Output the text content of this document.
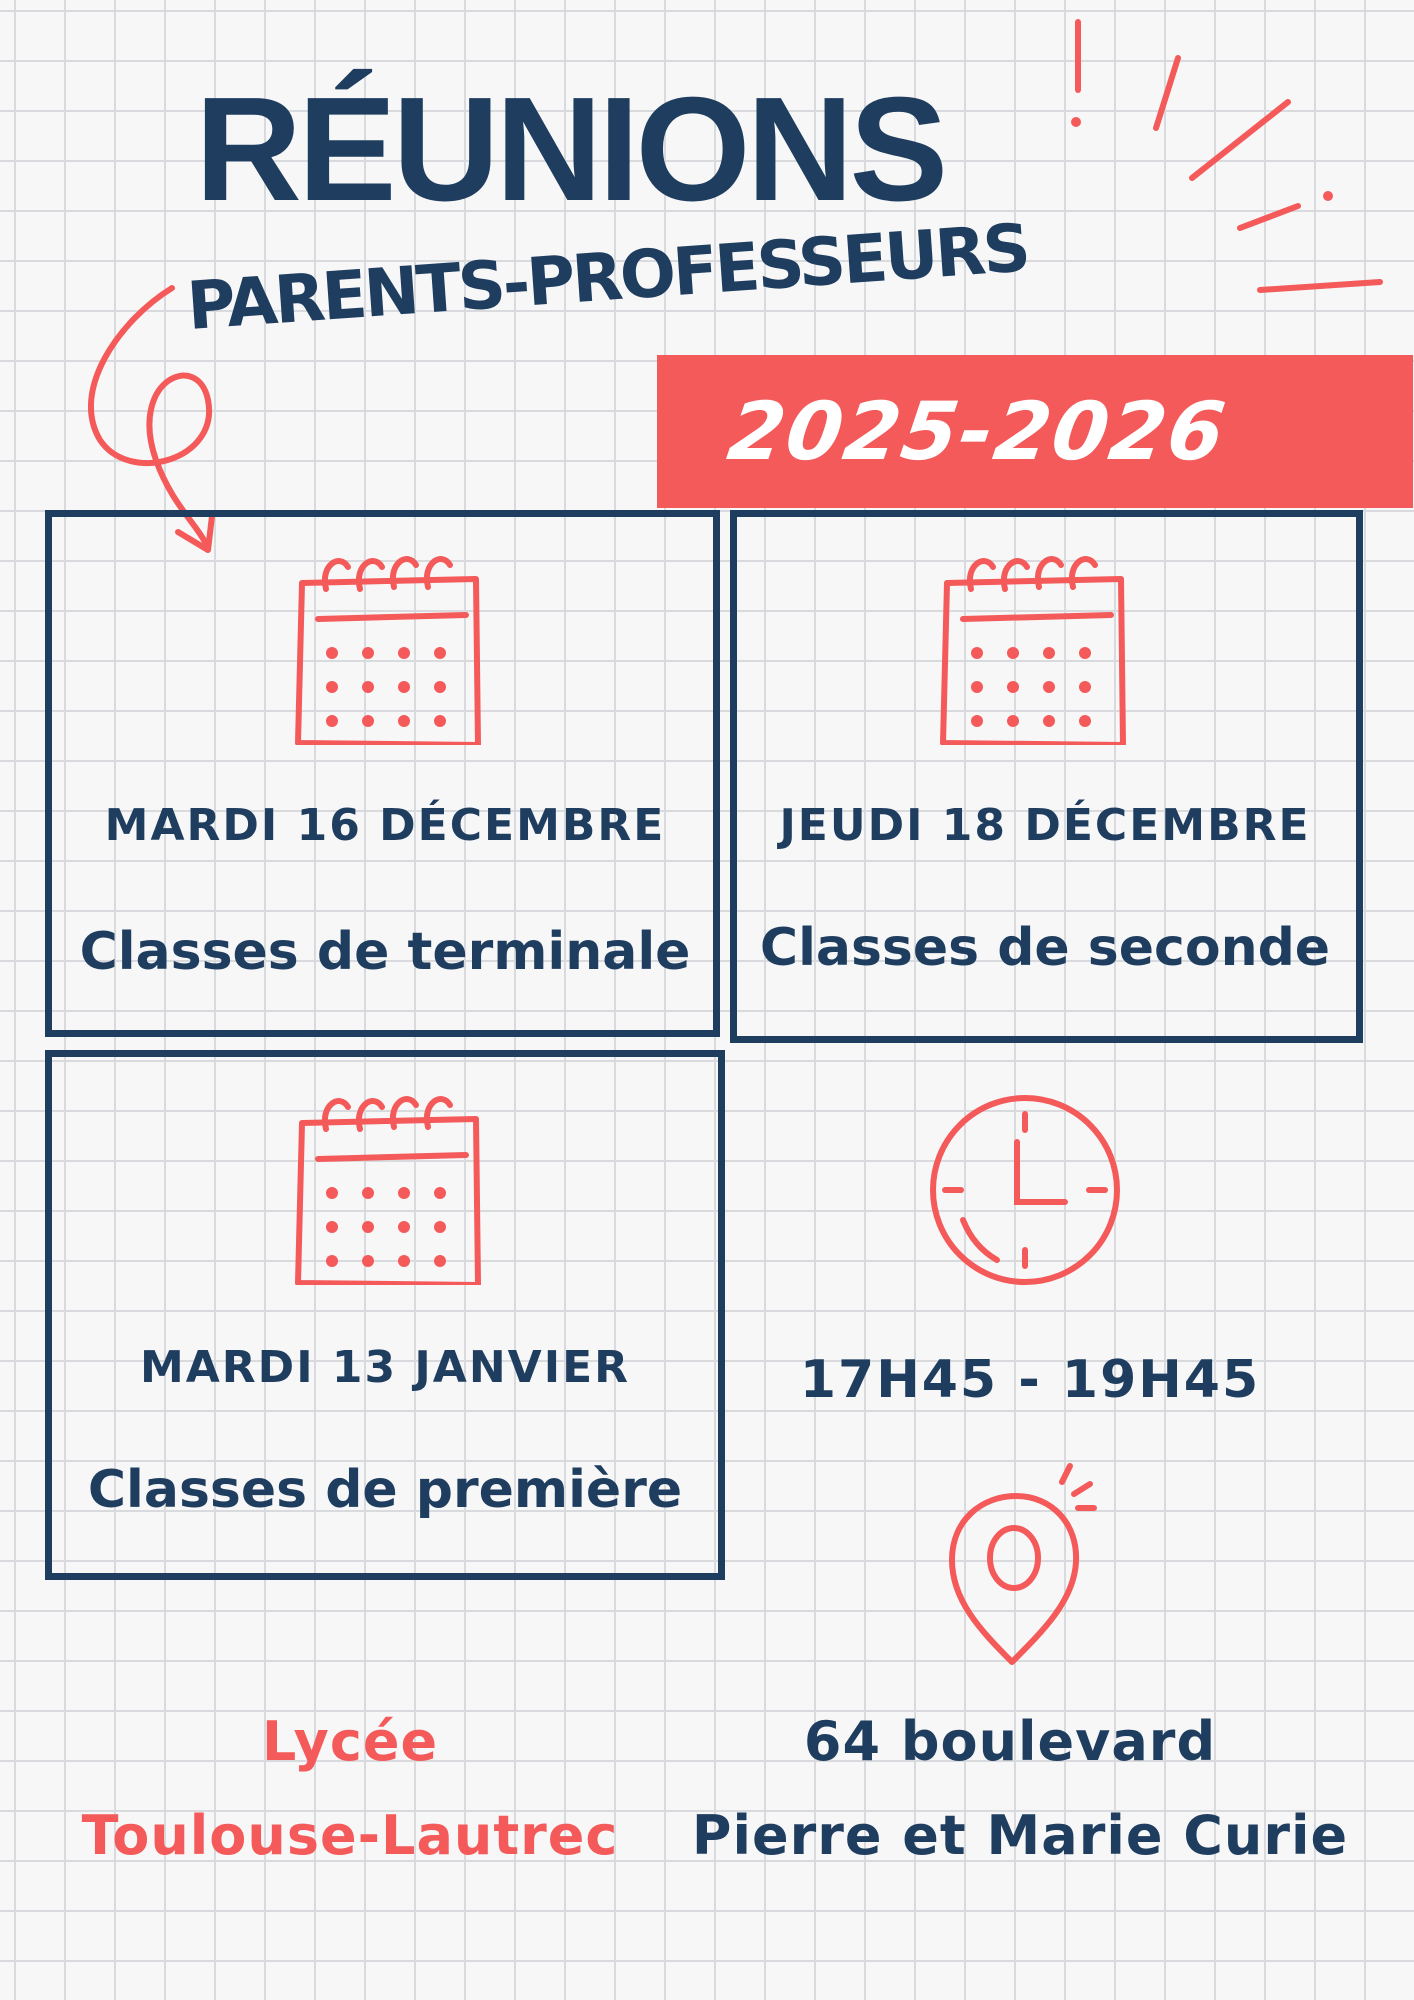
RÉUNIONS
PARENTS-PROFESSEURS
2025-2026
MARDI 16 DÉCEMBRE
Classes de terminale
JEUDI 18 DÉCEMBRE
Classes de seconde
MARDI 13 JANVIER
Classes de première
17H45 - 19H45
Lycée
Toulouse-Lautrec
64 boulevard
Pierre et Marie Curie
